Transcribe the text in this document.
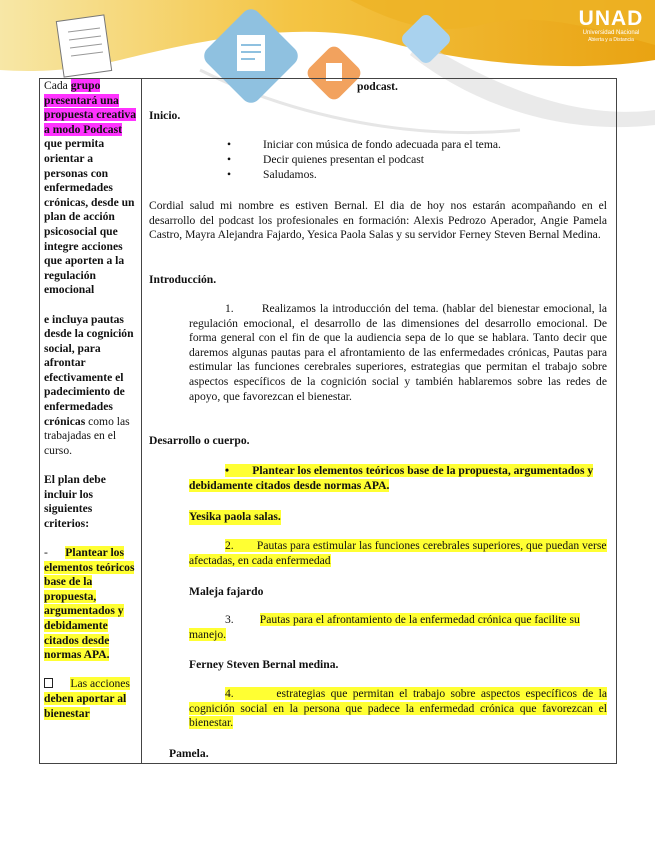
UNAD
Universidad Nacional
Abierta y a Distancia

Cada grupo presentará una propuesta creativa a modo Podcast que permita orientar a personas con enfermedades crónicas, desde un plan de acción psicosocial que integre acciones que aporten a la regulación emocional

e incluya pautas desde la cognición social, para afrontar efectivamente el padecimiento de enfermedades crónicas como las trabajadas en el curso.

El plan debe incluir los siguientes criterios:

- Plantear los elementos teóricos base de la propuesta, argumentados y debidamente citados desde normas APA.

Las acciones deben aportar al bienestar

podcast.
Inicio.
•	Iniciar con música de fondo adecuada para el tema.
•	Decir quienes presentan el podcast
•	Saludamos.

Cordial salud mi nombre es estiven Bernal. El dia de hoy nos estarán acompañando en el desarrollo del podcast los profesionales en formación: Alexis Pedrozo Aperador, Angie Pamela Castro, Mayra Alejandra Fajardo, Yesica Paola Salas y su servidor Ferney Steven Bernal Medina.

Introducción.

1. Realizamos la introducción del tema. (hablar del bienestar emocional, la regulación emocional, el desarrollo de las dimensiones del desarrollo emocional. De forma general con el fin de que la audiencia sepa de lo que se hablara. Tanto decir que daremos algunas pautas para el afrontamiento de las enfermedades crónicas, Pautas para estimular las funciones cerebrales superiores, estrategias que permitan el trabajo sobre aspectos específicos de la cognición social y también hablaremos sobre las redes de apoyo, que favorezcan el bienestar.

Desarrollo o cuerpo.

• Plantear los elementos teóricos base de la propuesta, argumentados y debidamente citados desde normas APA.

Yesika paola salas.

2. Pautas para estimular las funciones cerebrales superiores, que puedan verse afectadas, en cada enfermedad

Maleja fajardo

3. Pautas para el afrontamiento de la enfermedad crónica que facilite su manejo.

Ferney Steven Bernal medina.

4.	estrategias que permitan el trabajo sobre aspectos específicos de la cognición social en la persona que padece la enfermedad crónica que favorezcan el bienestar.

Pamela.
